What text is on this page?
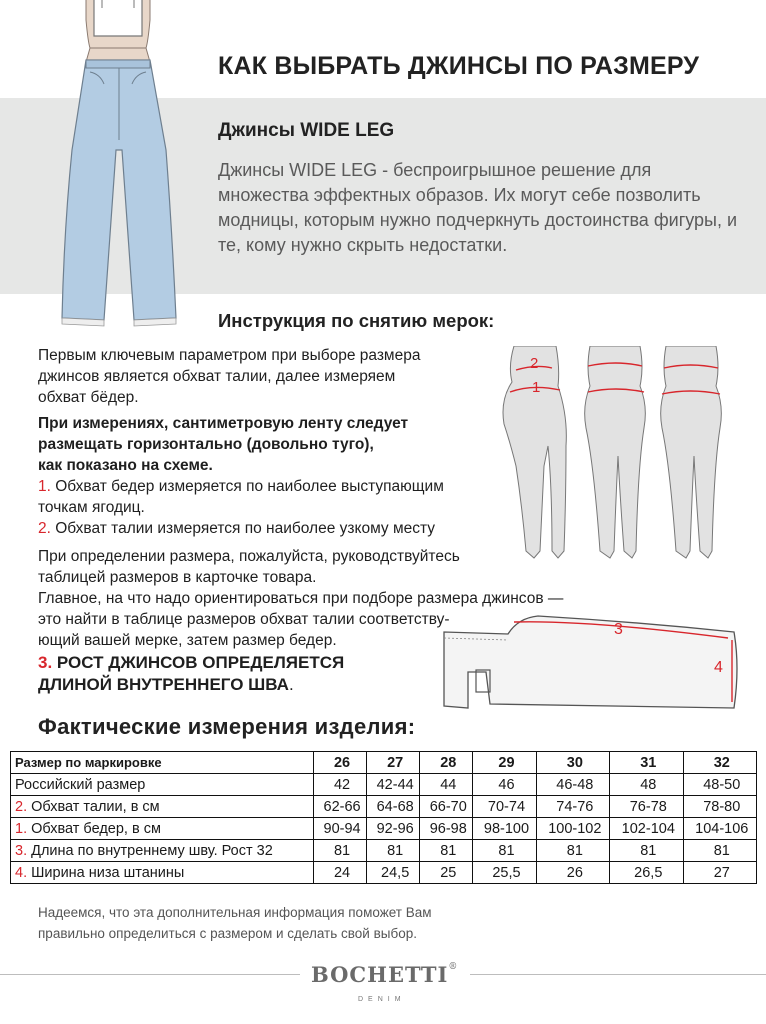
КАК ВЫБРАТЬ ДЖИНСЫ ПО РАЗМЕРУ
Джинсы WIDE LEG
Джинсы WIDE LEG - беспроигрышное решение для множества эффектных образов. Их могут себе позволить модницы, которым нужно подчеркнуть достоинства фигуры, и те, кому нужно скрыть недостатки.
Инструкция по снятию мерок:
Первым ключевым параметром при выборе размера
джинсов является обхват талии, далее измеряем
обхват бёдер.
При измерениях, сантиметровую ленту следует
размещать горизонтально (довольно туго),
как показано на схеме.
1. Обхват бедер измеряется по наиболее выступающим
точкам ягодиц.
2. Обхват талии измеряется по наиболее узкому месту
При определении размера, пожалуйста, руководствуйтесь
таблицей размеров в карточке товара.
Главное, на что надо ориентироваться при подборе размера джинсов —
это найти в таблице размеров обхват талии соответству-
ющий вашей мерке, затем размер бедер.
3. РОСТ ДЖИНСОВ ОПРЕДЕЛЯЕТСЯ
ДЛИНОЙ ВНУТРЕННЕГО ШВА.
2
1
3
4
Фактические измерения изделия:
Размер по маркировке	26	27	28	29	30	31	32
Российский размер	42	42-44	44	46	46-48	48	48-50
2. Обхват талии, в см	62-66	64-68	66-70	70-74	74-76	76-78	78-80
1. Обхват бедер, в см	90-94	92-96	96-98	98-100	100-102	102-104	104-106
3. Длина по внутреннему шву. Рост 32	81	81	81	81	81	81	81
4. Ширина низа штанины	24	24,5	25	25,5	26	26,5	27
Надеемся, что эта дополнительная информация поможет Вам
правильно определиться с размером и сделать свой выбор.
BOCHETTI®
DENIM
